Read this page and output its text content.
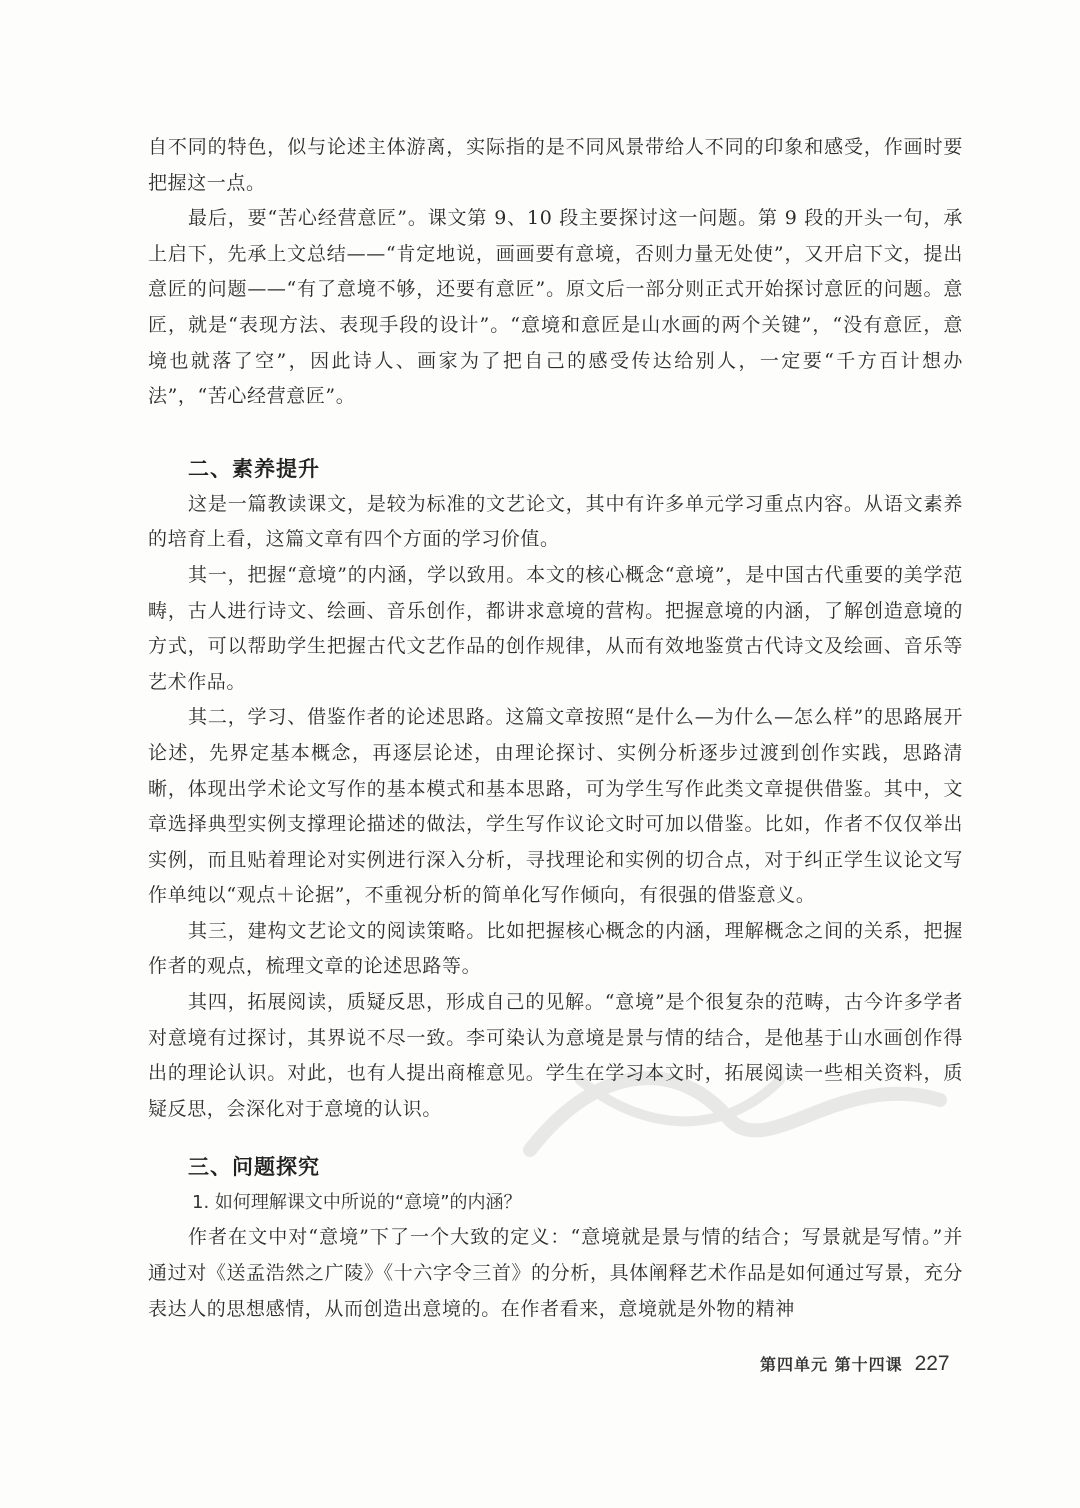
自不同的特色，似与论述主体游离，实际指的是不同风景带给人不同的印象和感受，作画时要把握这一点。

最后，要“苦心经营意匠”。课文第 9、10 段主要探讨这一问题。第 9 段的开头一句，承上启下，先承上文总结——“肯定地说，画画要有意境，否则力量无处使”，又开启下文，提出意匠的问题——“有了意境不够，还要有意匠”。原文后一部分则正式开始探讨意匠的问题。意匠，就是“表现方法、表现手段的设计”。“意境和意匠是山水画的两个关键”，“没有意匠，意境也就落了空”，因此诗人、画家为了把自己的感受传达给别人，一定要“千方百计想办法”，“苦心经营意匠”。

二、素养提升

这是一篇教读课文，是较为标准的文艺论文，其中有许多单元学习重点内容。从语文素养的培育上看，这篇文章有四个方面的学习价值。

其一，把握“意境”的内涵，学以致用。本文的核心概念“意境”，是中国古代重要的美学范畴，古人进行诗文、绘画、音乐创作，都讲求意境的营构。把握意境的内涵，了解创造意境的方式，可以帮助学生把握古代文艺作品的创作规律，从而有效地鉴赏古代诗文及绘画、音乐等艺术作品。

其二，学习、借鉴作者的论述思路。这篇文章按照“是什么—为什么—怎么样”的思路展开论述，先界定基本概念，再逐层论述，由理论探讨、实例分析逐步过渡到创作实践，思路清晰，体现出学术论文写作的基本模式和基本思路，可为学生写作此类文章提供借鉴。其中，文章选择典型实例支撑理论描述的做法，学生写作议论文时可加以借鉴。比如，作者不仅仅举出实例，而且贴着理论对实例进行深入分析，寻找理论和实例的切合点，对于纠正学生议论文写作单纯以“观点＋论据”，不重视分析的简单化写作倾向，有很强的借鉴意义。

其三，建构文艺论文的阅读策略。比如把握核心概念的内涵，理解概念之间的关系，把握作者的观点，梳理文章的论述思路等。

其四，拓展阅读，质疑反思，形成自己的见解。“意境”是个很复杂的范畴，古今许多学者对意境有过探讨，其界说不尽一致。李可染认为意境是景与情的结合，是他基于山水画创作得出的理论认识。对此，也有人提出商榷意见。学生在学习本文时，拓展阅读一些相关资料，质疑反思，会深化对于意境的认识。

三、问题探究

1. 如何理解课文中所说的“意境”的内涵？

作者在文中对“意境”下了一个大致的定义：“意境就是景与情的结合；写景就是写情。”并通过对《送孟浩然之广陵》《十六字令三首》的分析，具体阐释艺术作品是如何通过写景，充分表达人的思想感情，从而创造出意境的。在作者看来，意境就是外物的精神

第四单元 第十四课 227
